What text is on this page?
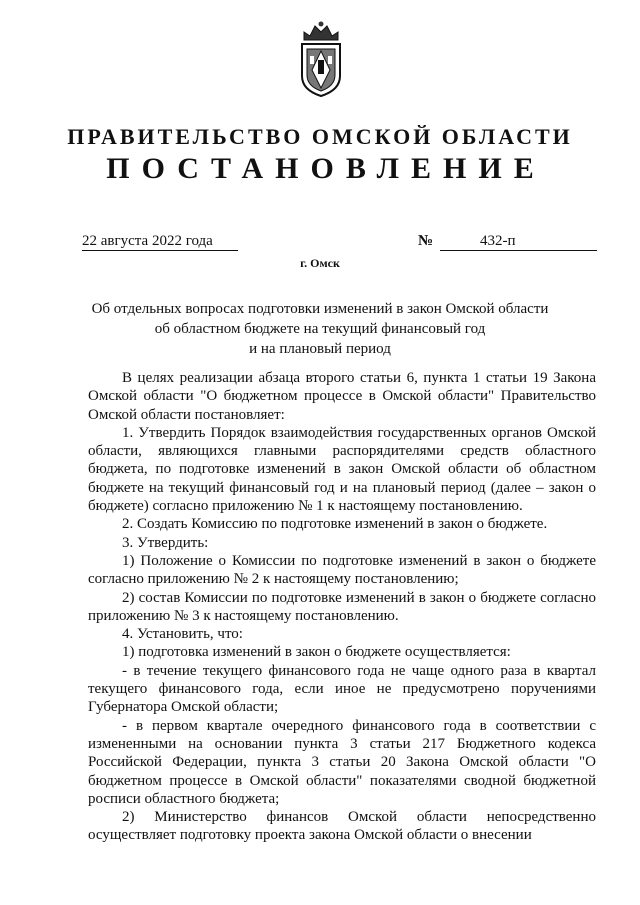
ПРАВИТЕЛЬСТВО ОМСКОЙ ОБЛАСТИ
ПОСТАНОВЛЕНИЕ
22 августа 2022 года	№	432-п
г. Омск
Об отдельных вопросах подготовки изменений в закон Омской области
об областном бюджете на текущий финансовый год
и на плановый период

В целях реализации абзаца второго статьи 6, пункта 1 статьи 19 Закона Омской области "О бюджетном процессе в Омской области" Правительство Омской области постановляет:

1. Утвердить Порядок взаимодействия государственных органов Омской области, являющихся главными распорядителями средств областного бюджета, по подготовке изменений в закон Омской области об областном бюджете на текущий финансовый год и на плановый период (далее – закон о бюджете) согласно приложению № 1 к настоящему постановлению.

2. Создать Комиссию по подготовке изменений в закон о бюджете.

3. Утвердить:

1) Положение о Комиссии по подготовке изменений в закон о бюджете согласно приложению № 2 к настоящему постановлению;

2) состав Комиссии по подготовке изменений в закон о бюджете согласно приложению № 3 к настоящему постановлению.

4. Установить, что:

1) подготовка изменений в закон о бюджете осуществляется:

- в течение текущего финансового года не чаще одного раза в квартал текущего финансового года, если иное не предусмотрено поручениями Губернатора Омской области;

- в первом квартале очередного финансового года в соответствии с измененными на основании пункта 3 статьи 217 Бюджетного кодекса Российской Федерации, пункта 3 статьи 20 Закона Омской области "О бюджетном процессе в Омской области" показателями сводной бюджетной росписи областного бюджета;

2) Министерство финансов Омской области непосредственно осуществляет подготовку проекта закона Омской области о внесении
